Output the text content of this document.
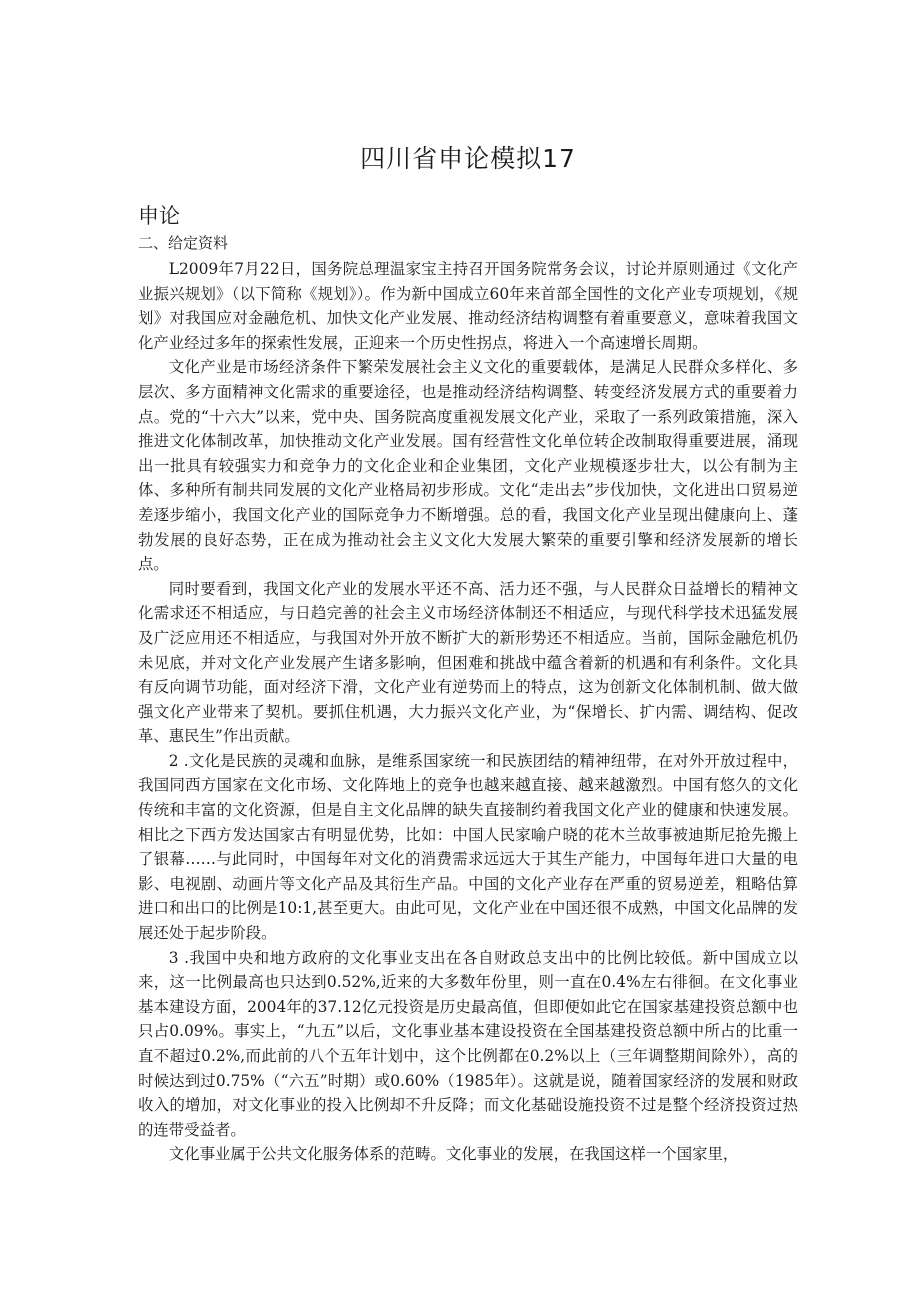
四川省申论模拟17
申论
二、给定资料

L2009年7月22日，国务院总理温家宝主持召开国务院常务会议，讨论并原则通过《文化产业振兴规划》（以下简称《规划》）。作为新中国成立60年来首部全国性的文化产业专项规划，《规划》对我国应对金融危机、加快文化产业发展、推动经济结构调整有着重要意义，意味着我国文化产业经过多年的探索性发展，正迎来一个历史性拐点，将进入一个高速增长周期。

文化产业是市场经济条件下繁荣发展社会主义文化的重要载体，是满足人民群众多样化、多层次、多方面精神文化需求的重要途径，也是推动经济结构调整、转变经济发展方式的重要着力点。党的“十六大”以来，党中央、国务院高度重视发展文化产业，采取了一系列政策措施，深入推进文化体制改革，加快推动文化产业发展。国有经营性文化单位转企改制取得重要进展，涌现出一批具有较强实力和竞争力的文化企业和企业集团，文化产业规模逐步壮大，以公有制为主体、多种所有制共同发展的文化产业格局初步形成。文化“走出去”步伐加快，文化进出口贸易逆差逐步缩小，我国文化产业的国际竞争力不断增强。总的看，我国文化产业呈现出健康向上、蓬勃发展的良好态势，正在成为推动社会主义文化大发展大繁荣的重要引擎和经济发展新的增长点。

同时要看到，我国文化产业的发展水平还不高、活力还不强，与人民群众日益增长的精神文化需求还不相适应，与日趋完善的社会主义市场经济体制还不相适应，与现代科学技术迅猛发展及广泛应用还不相适应，与我国对外开放不断扩大的新形势还不相适应。当前，国际金融危机仍未见底，并对文化产业发展产生诸多影响，但困难和挑战中蕴含着新的机遇和有利条件。文化具有反向调节功能，面对经济下滑，文化产业有逆势而上的特点，这为创新文化体制机制、做大做强文化产业带来了契机。要抓住机遇，大力振兴文化产业，为“保增长、扩内需、调结构、促改革、惠民生”作出贡献。

2 .文化是民族的灵魂和血脉，是维系国家统一和民族团结的精神纽带，在对外开放过程中，我国同西方国家在文化市场、文化阵地上的竞争也越来越直接、越来越激烈。中国有悠久的文化传统和丰富的文化资源，但是自主文化品牌的缺失直接制约着我国文化产业的健康和快速发展。相比之下西方发达国家古有明显优势，比如：中国人民家喻户晓的花木兰故事被迪斯尼抢先搬上了银幕……与此同时，中国每年对文化的消费需求远远大于其生产能力，中国每年进口大量的电影、电视剧、动画片等文化产品及其衍生产品。中国的文化产业存在严重的贸易逆差，粗略估算进口和出口的比例是10:1,甚至更大。由此可见，文化产业在中国还很不成熟，中国文化品牌的发展还处于起步阶段。

3 .我国中央和地方政府的文化事业支出在各自财政总支出中的比例比较低。新中国成立以来，这一比例最高也只达到0.52%,近来的大多数年份里，则一直在0.4%左右徘徊。在文化事业基本建设方面，2004年的37.12亿元投资是历史最高值，但即便如此它在国家基建投资总额中也只占0.09%。事实上，“九五”以后，文化事业基本建设投资在全国基建投资总额中所占的比重一直不超过0.2%,而此前的八个五年计划中，这个比例都在0.2%以上（三年调整期间除外），高的时候达到过0.75%（“六五”时期）或0.60%（1985年）。这就是说，随着国家经济的发展和财政收入的增加，对文化事业的投入比例却不升反降；而文化基础设施投资不过是整个经济投资过热的连带受益者。

文化事业属于公共文化服务体系的范畴。文化事业的发展，在我国这样一个国家里，
